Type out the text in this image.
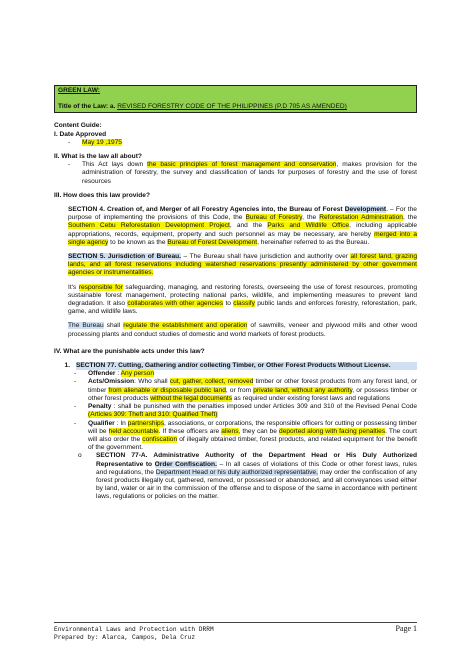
GREEN LAW:
Title of the Law: a. REVISED FORESTRY CODE OF THE PHILIPPINES (P.D 705 AS AMENDED)

Content Guide:

I. Date Approved

-	May 19 ,1975

II. What is the law all about?

-	This Act lays down the basic principles of forest management and conservation, makes provision for the administration of forestry, the survey and classification of lands for purposes of forestry and the use of forest resources

III. How does this law provide?

SECTION 4. Creation of, and Merger of all Forestry Agencies into, the Bureau of Forest Development. – For the purpose of implementing the provisions of this Code, the Bureau of Forestry, the Reforestation Administration, the Southern Cebu Reforestation Development Project, and the Parks and Wildlife Office, including applicable appropriations, records, equipment, property and such personnel as may be necessary, are hereby merged into a single agency to be known as the Bureau of Forest Development, hereinafter referred to as the Bureau.

SECTION 5. Jurisdiction of Bureau. – The Bureau shall have jurisdiction and authority over all forest land, grazing lands, and all forest reservations including watershed reservations presently administered by other government agencies or instrumentalities.

It's responsible for safeguarding, managing, and restoring forests, overseeing the use of forest resources, promoting sustainable forest management, protecting national parks, wildlife, and implementing measures to prevent land degradation. It also collaborates with other agencies to classify public lands and enforces forestry, reforestation, park, game, and wildlife laws.

The Bureau shall regulate the establishment and operation of sawmills, veneer and plywood mills and other wood processing plants and conduct studies of domestic and world markets of forest products.

IV. What are the punishable acts under this law?

1. SECTION 77. Cutting, Gathering and/or collecting Timber, or Other Forest Products Without License.
-	Offender : Any person
-	Acts/Omission: Who shall cut, gather, collect, removed timber or other forest products from any forest land, or timber from alienable or disposable public land, or from private land, without any authority, or possess timber or other forest products without the legal documents as required under existing forest laws and regulations
-	Penalty : shall be punished with the penalties imposed under Articles 309 and 310 of the Revised Penal Code (Articles 309: Theft and 310: Qualified Theft)
-	Qualifier : In partnerships, associations, or corporations, the responsible officers for cutting or possessing timber will be held accountable. If these officers are aliens, they can be deported along with facing penalties. The court will also order the confiscation of illegally obtained timber, forest products, and related equipment for the benefit of the government.
o	SECTION 77-A. Administrative Authority of the Department Head or His Duly Authorized Representative to Order Confiscation. – In all cases of violations of this Code or other forest laws, rules and regulations, the Department Head or his duly authorized representative, may order the confiscation of any forest products illegally cut, gathered, removed, or possessed or abandoned, and all conveyances used either by land, water or air in the commission of the offense and to dispose of the same in accordance with pertinent laws, regulations or policies on the matter.
Environmental Laws and Protection with DRRM
Prepared by: Alarca, Campos, Dela Cruz
Page 1
